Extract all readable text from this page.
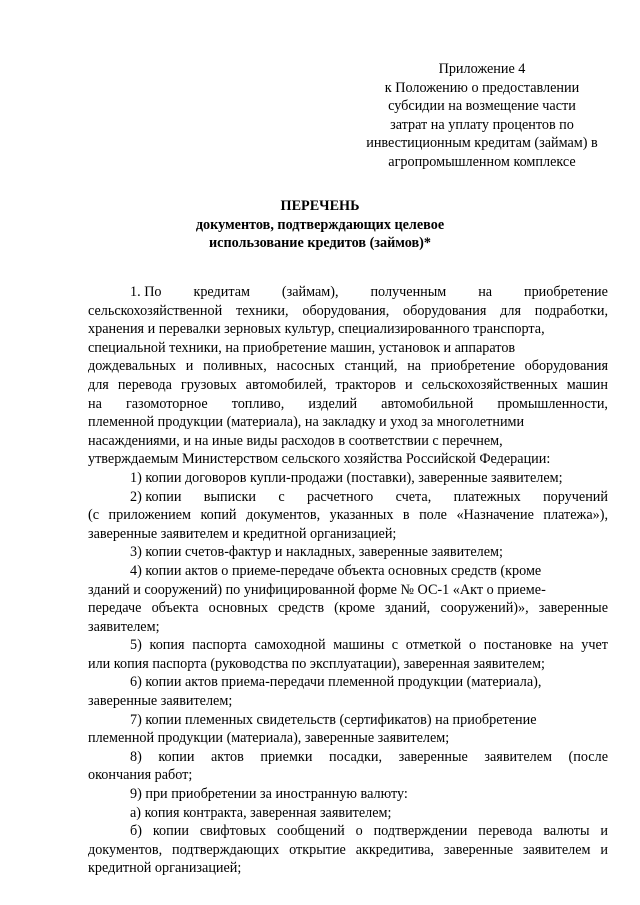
Приложение 4
к Положению о предоставлении
субсидии на возмещение части
затрат на уплату процентов по
инвестиционным кредитам (займам) в
агропромышленном комплексе
ПЕРЕЧЕНЬ
документов, подтверждающих целевое
использование кредитов (займов)*
1. По кредитам (займам), полученным на приобретение
сельскохозяйственной техники, оборудования, оборудования для подработки,
хранения и перевалки зерновых культур, специализированного транспорта,
специальной техники, на приобретение машин, установок и аппаратов
дождевальных и поливных, насосных станций, на приобретение оборудования
для перевода грузовых автомобилей, тракторов и сельскохозяйственных машин
на газомоторное топливо, изделий автомобильной промышленности,
племенной продукции (материала), на закладку и уход за многолетними
насаждениями, и на иные виды расходов в соответствии с перечнем,
утверждаемым Министерством сельского хозяйства Российской Федерации:
1) копии договоров купли-продажи (поставки), заверенные заявителем;
2) копии выписки с расчетного счета, платежных поручений
(с приложением копий документов, указанных в поле «Назначение платежа»),
заверенные заявителем и кредитной организацией;
3) копии счетов-фактур и накладных, заверенные заявителем;
4) копии актов о приеме-передаче объекта основных средств (кроме
зданий и сооружений) по унифицированной форме № ОС-1 «Акт о приеме-
передаче объекта основных средств (кроме зданий, сооружений)», заверенные
заявителем;
5) копия паспорта самоходной машины с отметкой о постановке на учет
или копия паспорта (руководства по эксплуатации), заверенная заявителем;
6) копии актов приема-передачи племенной продукции (материала),
заверенные заявителем;
7) копии племенных свидетельств (сертификатов) на приобретение
племенной продукции (материала), заверенные заявителем;
8) копии актов приемки посадки, заверенные заявителем (после
окончания работ;
9) при приобретении за иностранную валюту:
а) копия контракта, заверенная заявителем;
б) копии свифтовых сообщений о подтверждении перевода валюты и
документов, подтверждающих открытие аккредитива, заверенные заявителем и
кредитной организацией;
